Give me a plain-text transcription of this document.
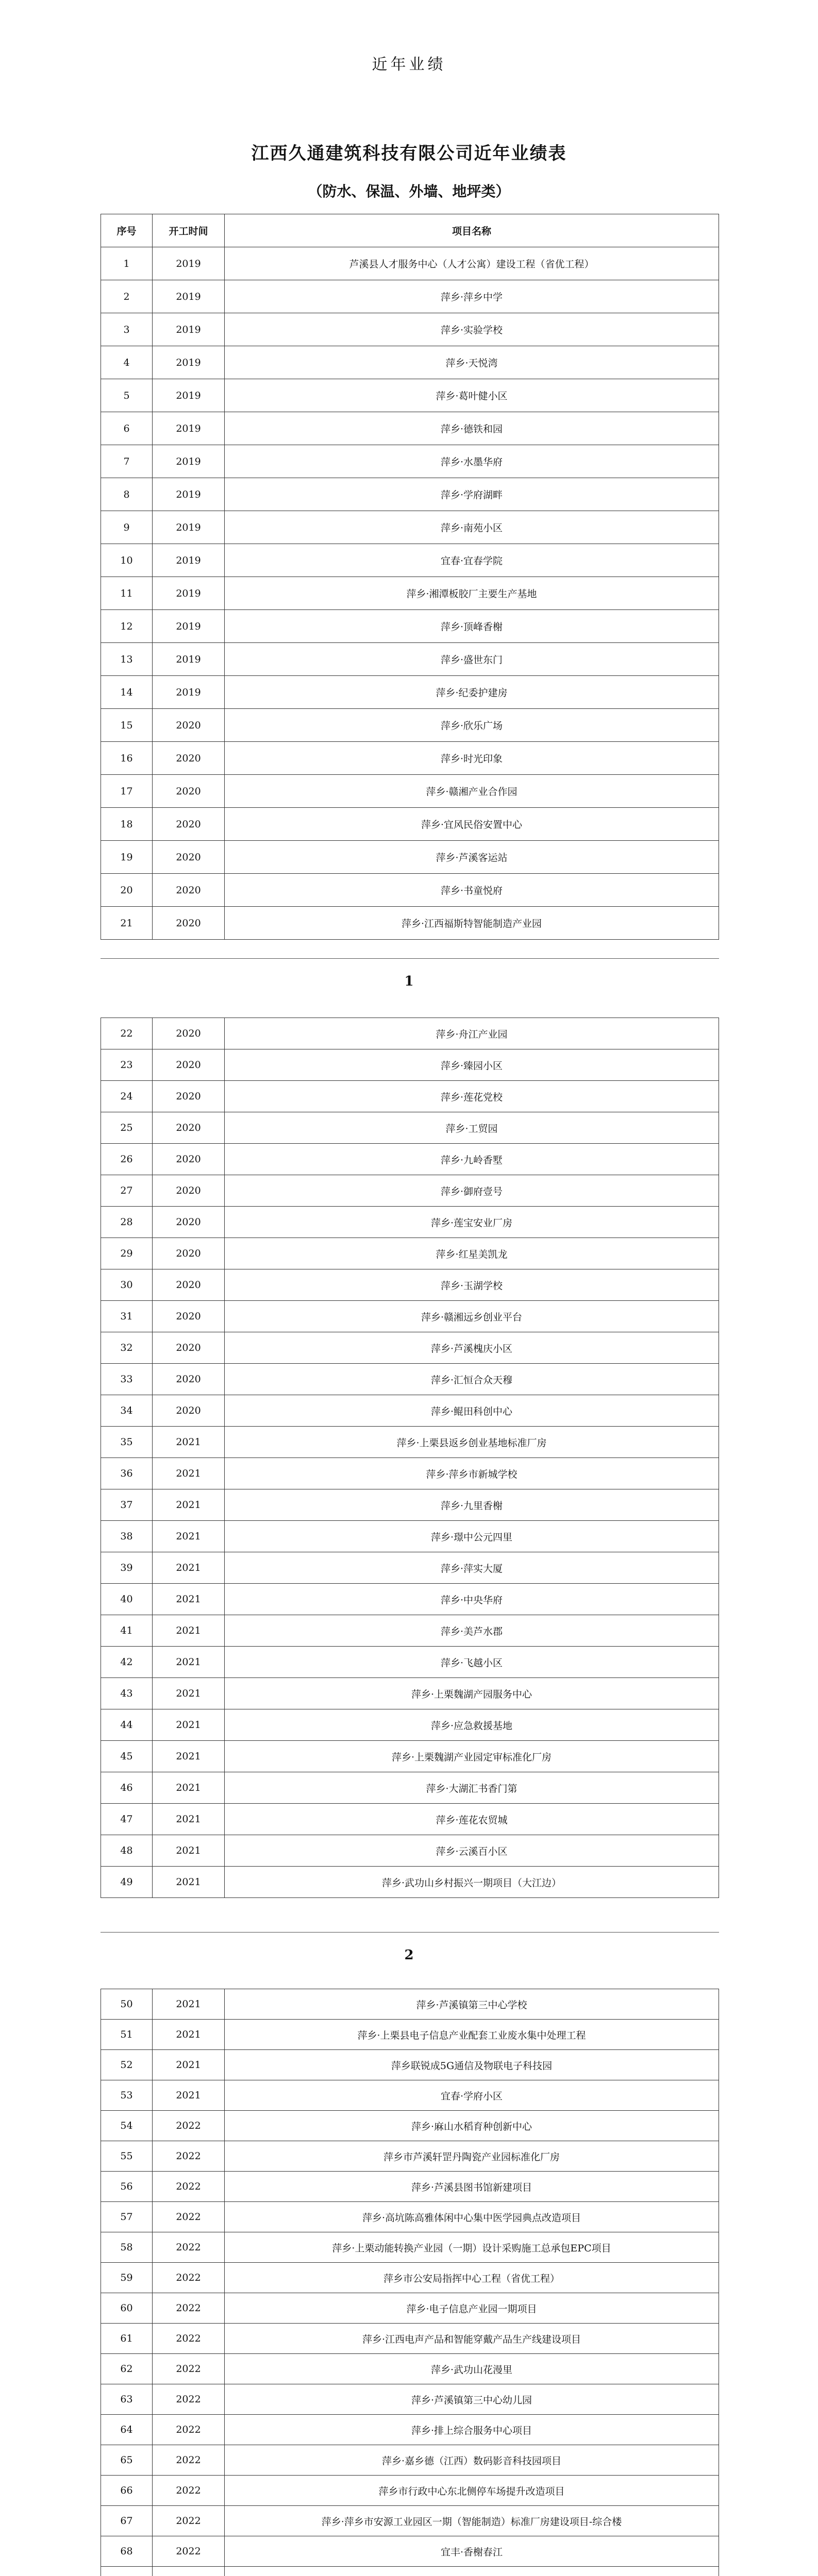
近年业绩
江西久通建筑科技有限公司近年业绩表
（防水、保温、外墙、地坪类）
序号	开工时间	项目名称
1	2019	芦溪县人才服务中心（人才公寓）建设工程（省优工程）
2	2019	萍乡·萍乡中学
3	2019	萍乡·实验学校
4	2019	萍乡·天悦湾
5	2019	萍乡·葛叶健小区
6	2019	萍乡·德铁和园
7	2019	萍乡·水墨华府
8	2019	萍乡·学府湖畔
9	2019	萍乡·南苑小区
10	2019	宜春·宜春学院
11	2019	萍乡·湘潭板胶厂主要生产基地
12	2019	萍乡·顶峰香榭
13	2019	萍乡·盛世东门
14	2019	萍乡·纪委护建房
15	2020	萍乡·欣乐广场
16	2020	萍乡·时光印象
17	2020	萍乡·赣湘产业合作园
18	2020	萍乡·宜风民俗安置中心
19	2020	萍乡·芦溪客运站
20	2020	萍乡·书童悦府
21	2020	萍乡·江西福斯特智能制造产业园
1
22	2020	萍乡·舟江产业园
23	2020	萍乡·臻园小区
24	2020	萍乡·莲花党校
25	2020	萍乡·工贸园
26	2020	萍乡·九岭香墅
27	2020	萍乡·御府壹号
28	2020	萍乡·莲宝安业厂房
29	2020	萍乡·红星美凯龙
30	2020	萍乡·玉湖学校
31	2020	萍乡·赣湘远乡创业平台
32	2020	萍乡·芦溪槐庆小区
33	2020	萍乡·汇恒合众天穆
34	2020	萍乡·鲲田科创中心
35	2021	萍乡·上栗县返乡创业基地标准厂房
36	2021	萍乡·萍乡市新城学校
37	2021	萍乡·九里香榭
38	2021	萍乡·璟中公元四里
39	2021	萍乡·萍实大厦
40	2021	萍乡·中央华府
41	2021	萍乡·美芦水郡
42	2021	萍乡·飞越小区
43	2021	萍乡·上栗魏湖产园服务中心
44	2021	萍乡·应急救援基地
45	2021	萍乡·上栗魏湖产业园定审标准化厂房
46	2021	萍乡·大湖汇书香门第
47	2021	萍乡·莲花农贸城
48	2021	萍乡·云溪百小区
49	2021	萍乡·武功山乡村振兴一期项目（大江边）
2
50	2021	萍乡·芦溪镇第三中心学校
51	2021	萍乡·上栗县电子信息产业配套工业废水集中处理工程
52	2021	萍乡联锐成5G通信及物联电子科技园
53	2021	宜春·学府小区
54	2022	萍乡·麻山水稻育种创新中心
55	2022	萍乡市芦溪轩罡丹陶瓷产业园标准化厂房
56	2022	萍乡·芦溪县图书馆新建项目
57	2022	萍乡·高坑陈高雅体闲中心集中医学园典点改造项目
58	2022	萍乡·上栗动能转换产业园（一期）设计采购施工总承包EPC项目
59	2022	萍乡市公安局指挥中心工程（省优工程）
60	2022	萍乡·电子信息产业园一期项目
61	2022	萍乡·江西电声产品和智能穿戴产品生产线建设项目
62	2022	萍乡·武功山花漫里
63	2022	萍乡·芦溪镇第三中心幼儿园
64	2022	萍乡·排上综合服务中心项目
65	2022	萍乡·嘉乡德（江西）数码影音科技园项目
66	2022	萍乡市行政中心东北侧停车场提升改造项目
67	2022	萍乡·萍乡市安源工业园区一期（智能制造）标准厂房建设项目-综合楼
68	2022	宜丰·香榭春江
